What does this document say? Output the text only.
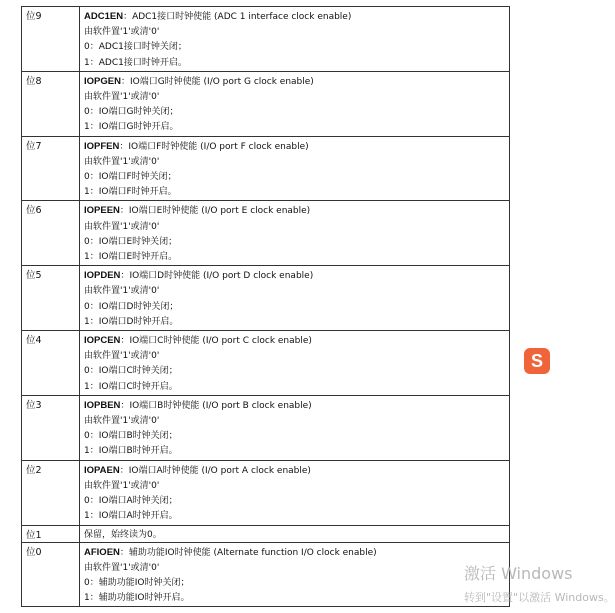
位9	ADC1EN：ADC1接口时钟使能 (ADC 1 interface clock enable)
由软件置'1'或清'0'
0：ADC1接口时钟关闭；
1：ADC1接口时钟开启。

位8	IOPGEN：IO端口G时钟使能 (I/O port G clock enable)
由软件置'1'或清'0'
0：IO端口G时钟关闭；
1：IO端口G时钟开启。

位7	IOPFEN：IO端口F时钟使能 (I/O port F clock enable)
由软件置'1'或清'0'
0：IO端口F时钟关闭；
1：IO端口F时钟开启。

位6	IOPEEN：IO端口E时钟使能 (I/O port E clock enable)
由软件置'1'或清'0'
0：IO端口E时钟关闭；
1：IO端口E时钟开启。

位5	IOPDEN：IO端口D时钟使能 (I/O port D clock enable)
由软件置'1'或清'0'
0：IO端口D时钟关闭；
1：IO端口D时钟开启。

位4	IOPCEN：IO端口C时钟使能 (I/O port C clock enable)
由软件置'1'或清'0'
0：IO端口C时钟关闭；
1：IO端口C时钟开启。

位3	IOPBEN：IO端口B时钟使能 (I/O port B clock enable)
由软件置'1'或清'0'
0：IO端口B时钟关闭；
1：IO端口B时钟开启。

位2	IOPAEN：IO端口A时钟使能 (I/O port A clock enable)
由软件置'1'或清'0'
0：IO端口A时钟关闭；
1：IO端口A时钟开启。

位1	保留，始终读为0。
位0	AFIOEN：辅助功能IO时钟使能 (Alternate function I/O clock enable)
由软件置'1'或清'0'
0：辅助功能IO时钟关闭；
1：辅助功能IO时钟开启。
S
激活 Windows
转到"设置"以激活 Windows。
